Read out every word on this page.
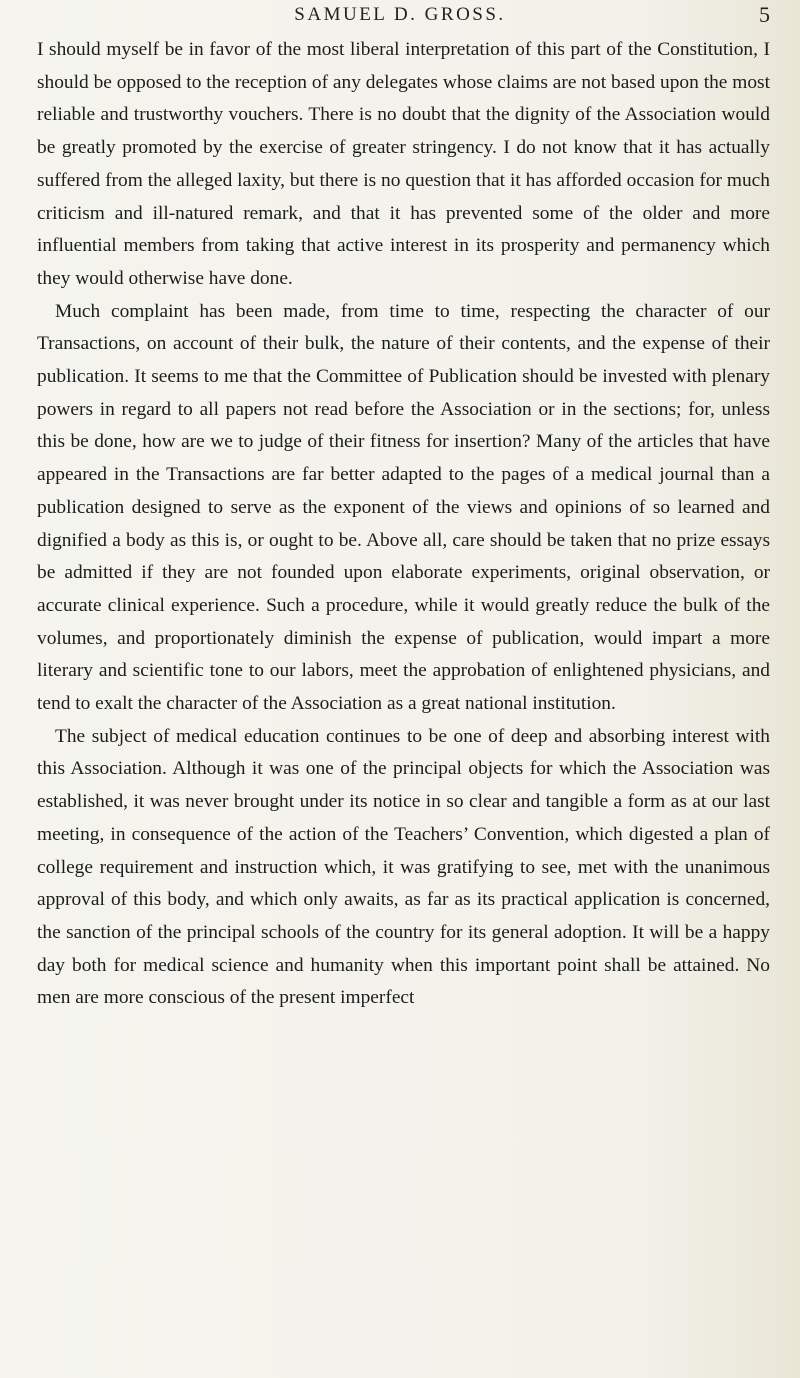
SAMUEL D. GROSS.	5

I should myself be in favor of the most liberal interpretation of this part of the Constitution, I should be opposed to the reception of any delegates whose claims are not based upon the most reliable and trustworthy vouchers. There is no doubt that the dignity of the Association would be greatly promoted by the exercise of greater stringency. I do not know that it has actually suffered from the alleged laxity, but there is no question that it has afforded occasion for much criticism and ill-natured remark, and that it has prevented some of the older and more influential members from taking that active interest in its prosperity and permanency which they would otherwise have done.

Much complaint has been made, from time to time, respecting the character of our Transactions, on account of their bulk, the nature of their contents, and the expense of their publication. It seems to me that the Committee of Publication should be invested with plenary powers in regard to all papers not read before the Association or in the sections; for, unless this be done, how are we to judge of their fitness for insertion? Many of the articles that have appeared in the Transactions are far better adapted to the pages of a medical journal than a publication designed to serve as the exponent of the views and opinions of so learned and dignified a body as this is, or ought to be. Above all, care should be taken that no prize essays be admitted if they are not founded upon elaborate experiments, original observation, or accurate clinical experience. Such a procedure, while it would greatly reduce the bulk of the volumes, and proportionately diminish the expense of publication, would impart a more literary and scientific tone to our labors, meet the approbation of enlightened physicians, and tend to exalt the character of the Association as a great national institution.

The subject of medical education continues to be one of deep and absorbing interest with this Association. Although it was one of the principal objects for which the Association was established, it was never brought under its notice in so clear and tangible a form as at our last meeting, in consequence of the action of the Teachers’ Convention, which digested a plan of college requirement and instruction which, it was gratifying to see, met with the unanimous approval of this body, and which only awaits, as far as its practical application is concerned, the sanction of the principal schools of the country for its general adoption. It will be a happy day both for medical science and humanity when this important point shall be attained. No men are more conscious of the present imperfect
